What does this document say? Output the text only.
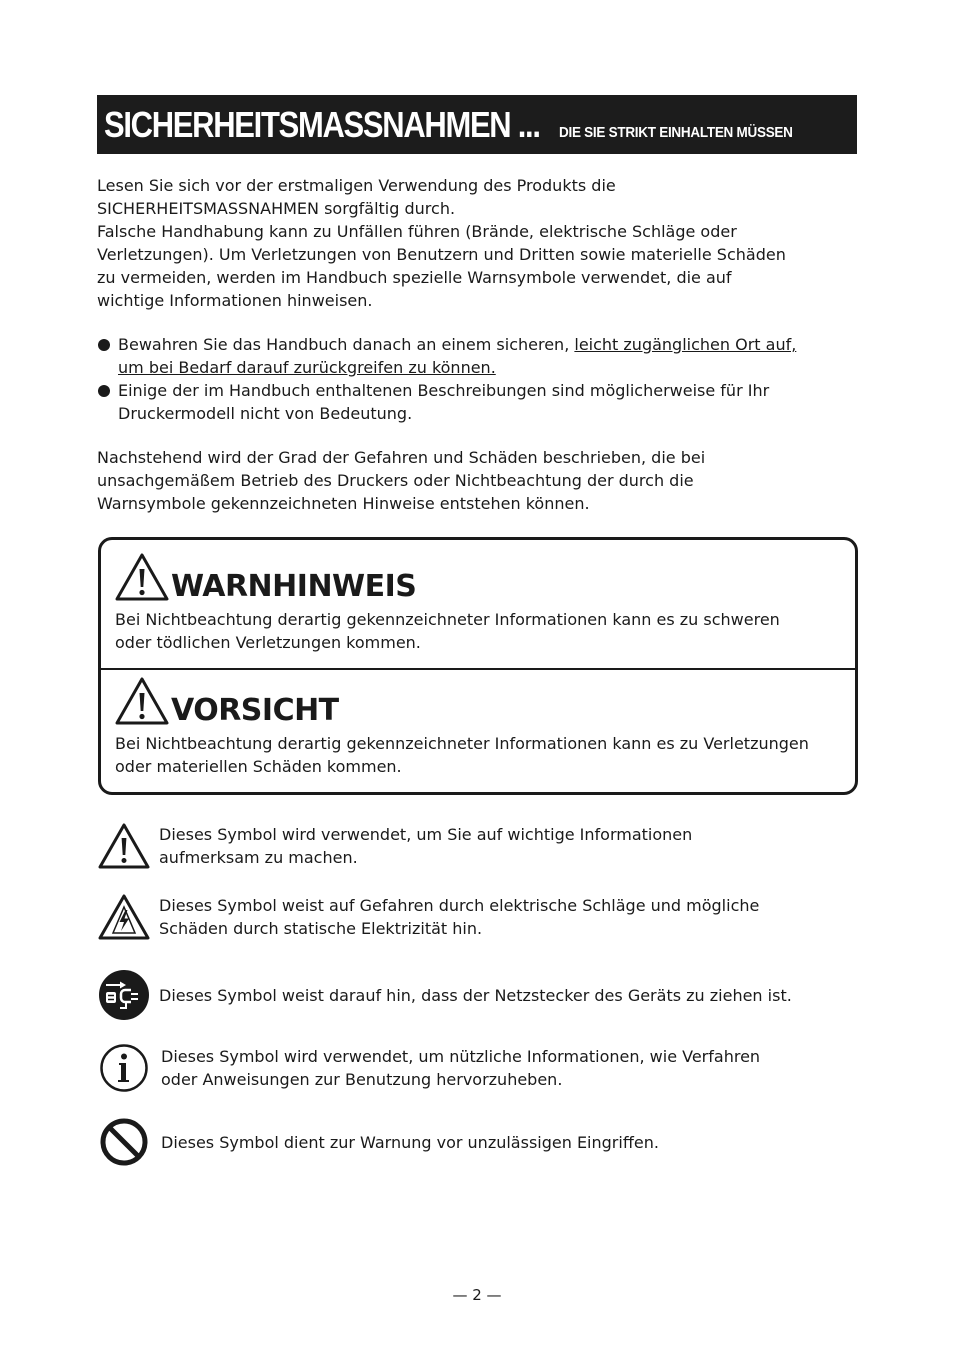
SICHERHEITSMASSNAHMEN ... DIE SIE STRIKT EINHALTEN MÜSSEN

Lesen Sie sich vor der erstmaligen Verwendung des Produkts die

SICHERHEITSMASSNAHMEN sorgfältig durch.

Falsche Handhabung kann zu Unfällen führen (Brände, elektrische Schläge oder

Verletzungen). Um Verletzungen von Benutzern und Dritten sowie materielle Schäden

zu vermeiden, werden im Handbuch spezielle Warnsymbole verwendet, die auf

wichtige Informationen hinweisen.

Bewahren Sie das Handbuch danach an einem sicheren, leicht zugänglichen Ort auf,

um bei Bedarf darauf zurückgreifen zu können.

Einige der im Handbuch enthaltenen Beschreibungen sind möglicherweise für Ihr

Druckermodell nicht von Bedeutung.

Nachstehend wird der Grad der Gefahren und Schäden beschrieben, die bei

unsachgemäßem Betrieb des Druckers oder Nichtbeachtung der durch die

Warnsymbole gekennzeichneten Hinweise entstehen können.

WARNHINWEIS

Bei Nichtbeachtung derartig gekennzeichneter Informationen kann es zu schweren

oder tödlichen Verletzungen kommen.

VORSICHT

Bei Nichtbeachtung derartig gekennzeichneter Informationen kann es zu Verletzungen

oder materiellen Schäden kommen.

Dieses Symbol wird verwendet, um Sie auf wichtige Informationen

aufmerksam zu machen.

Dieses Symbol weist auf Gefahren durch elektrische Schläge und mögliche

Schäden durch statische Elektrizität hin.

Dieses Symbol weist darauf hin, dass der Netzstecker des Geräts zu ziehen ist.

Dieses Symbol wird verwendet, um nützliche Informationen, wie Verfahren

oder Anweisungen zur Benutzung hervorzuheben.

Dieses Symbol dient zur Warnung vor unzulässigen Eingriffen.

— 2 —
